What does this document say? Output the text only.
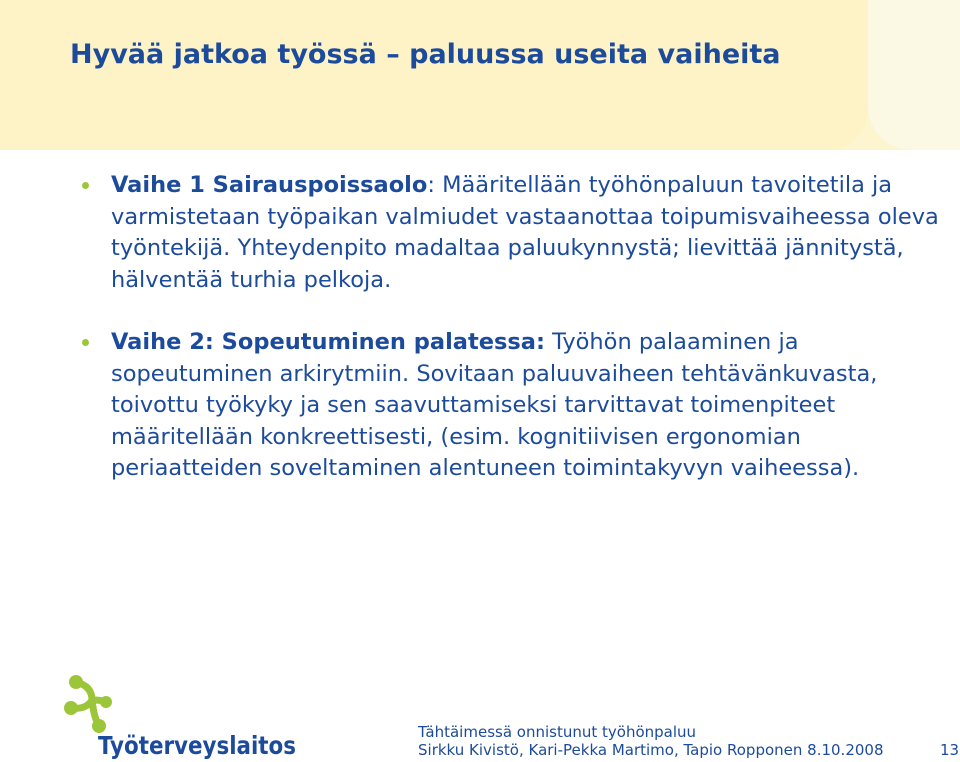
Hyvää jatkoa työssä – paluussa useita vaiheita
Vaihe 1 Sairauspoissaolo: Määritellään työhönpaluun tavoitetila ja varmistetaan työpaikan valmiudet vastaanottaa toipumisvaiheessa oleva työntekijä. Yhteydenpito madaltaa paluukynnystä; lievittää jännitystä, hälventää turhia pelkoja.
Vaihe 2: Sopeutuminen palatessa: Työhön palaaminen ja sopeutuminen arkirytmiin. Sovitaan paluuvaiheen tehtävänkuvasta, toivottu työkyky ja sen saavuttamiseksi tarvittavat toimenpiteet määritellään konkreettisesti, (esim. kognitiivisen ergonomian periaatteiden soveltaminen alentuneen toimintakyvyn vaiheessa).
Työterveyslaitos	Tähtäimessä onnistunut työhönpaluu
Sirkku Kivistö, Kari-Pekka Martimo, Tapio Ropponen 8.10.2008	13
